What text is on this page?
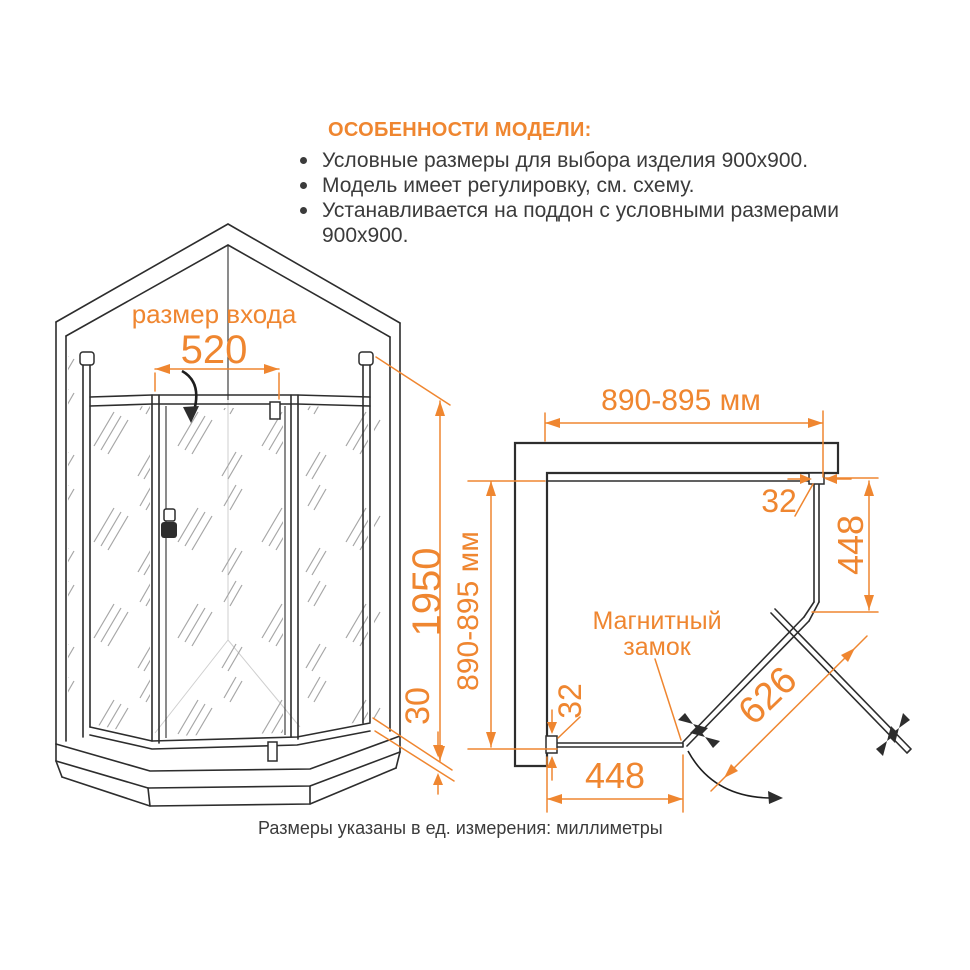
ОСОБЕННОСТИ МОДЕЛИ:
Условные размеры для выбора изделия 900x900.
Модель имеет регулировку, см. схему.
Устанавливается на поддон с условными размерами 900x900.
размер входа
520
1950
30
890-895 мм
890-895 мм
32
448
Магнитный
замок
626
32
448
Размеры указаны в ед. измерения: миллиметры
